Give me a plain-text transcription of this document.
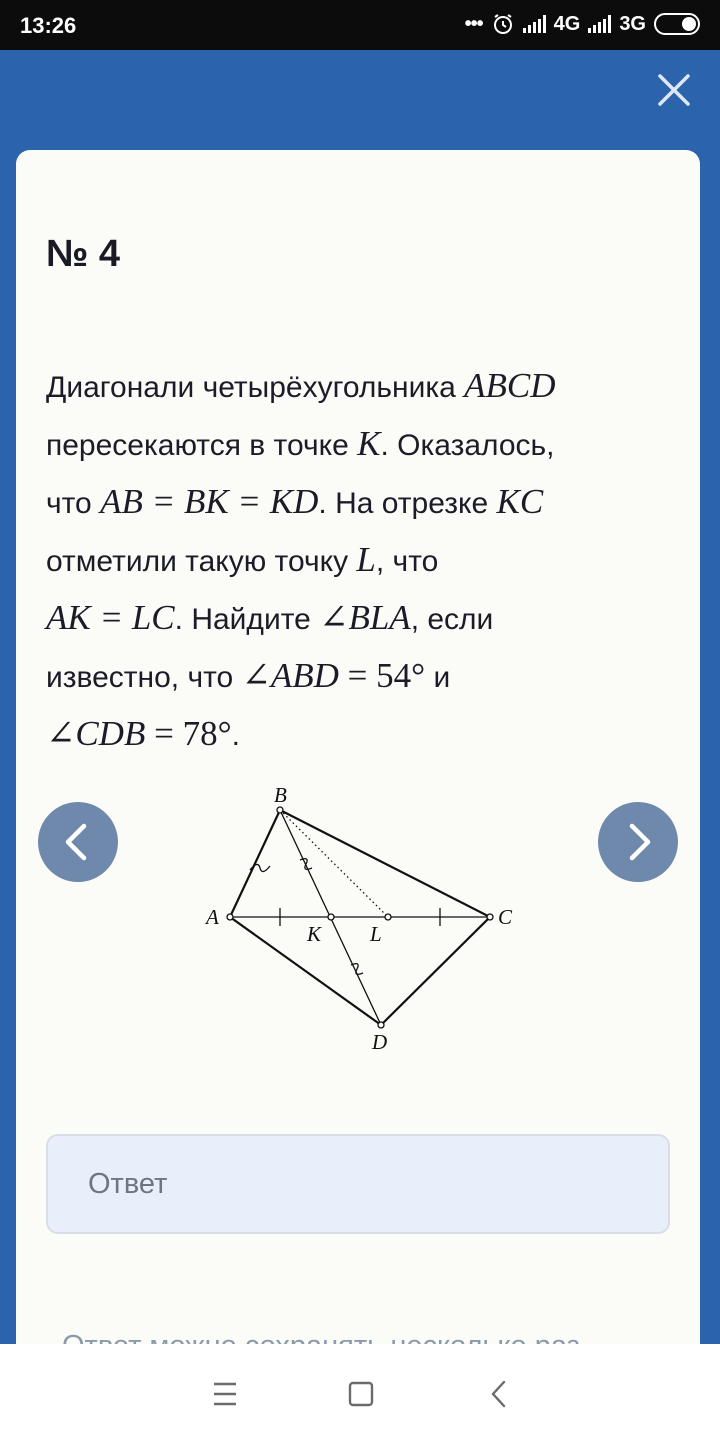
13:26	•••	4G 3G
№ 4
Диагонали четырёхугольника ABCD
пересекаются в точке K. Оказалось,
что AB = BK = KD. На отрезке KC
отметили такую точку L, что
AK = LC. Найдите ∠BLA, если
известно, что ∠ABD = 54° и
∠CDB = 78°.
B
A	C
K L
D
Ответ
